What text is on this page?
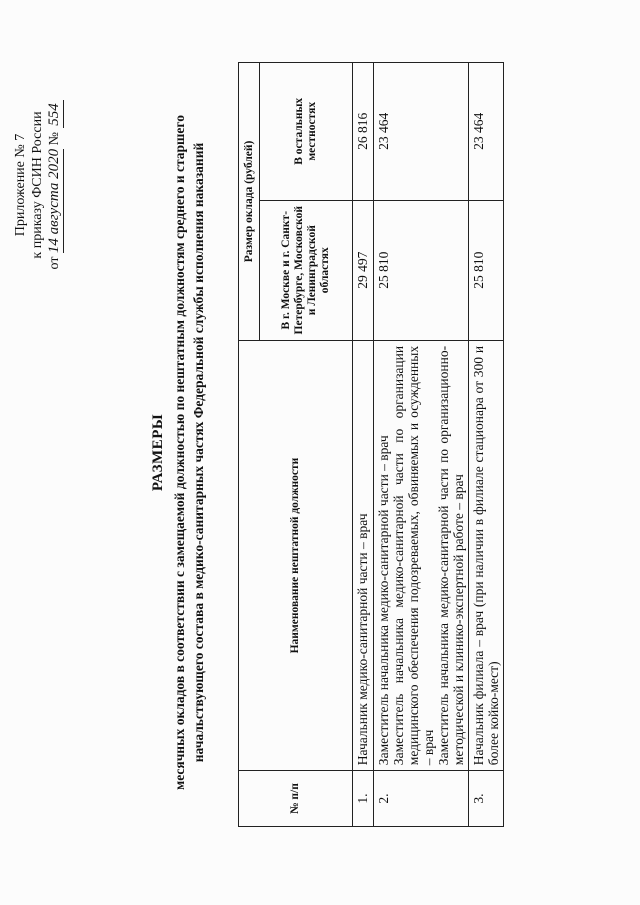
Приложение № 7 к приказу ФСИН России
от 14 августа 2020 № 554
РАЗМЕРЫ месячных окладов в соответствии с замещаемой должностью по нештатным должностям среднего и старшего начальствующего состава в медико-санитарных частях Федеральной службы исполнения наказаний
№ п/п	Наименование нештатной должности	Размер оклада (рублей)	
		В г. Москве и г. Санкт-Петербурге, Московской и Ленинградской областях	В остальных местностях
1.	Начальник медико-санитарной части – врач	29 497	26 816
2.	Заместитель начальника медико-санитарной части – врач Заместитель начальника медико-санитарной части по организации медицинского обеспечения подозреваемых, обвиняемых и осужденных – врач Заместитель начальника медико-санитарной части по организационно-методической и клинико-экспертной работе – врач	25 810	23 464
3.	Начальник филиала – врач (при наличии в филиале стационара от 300 и более койко-мест)	25 810	23 464
